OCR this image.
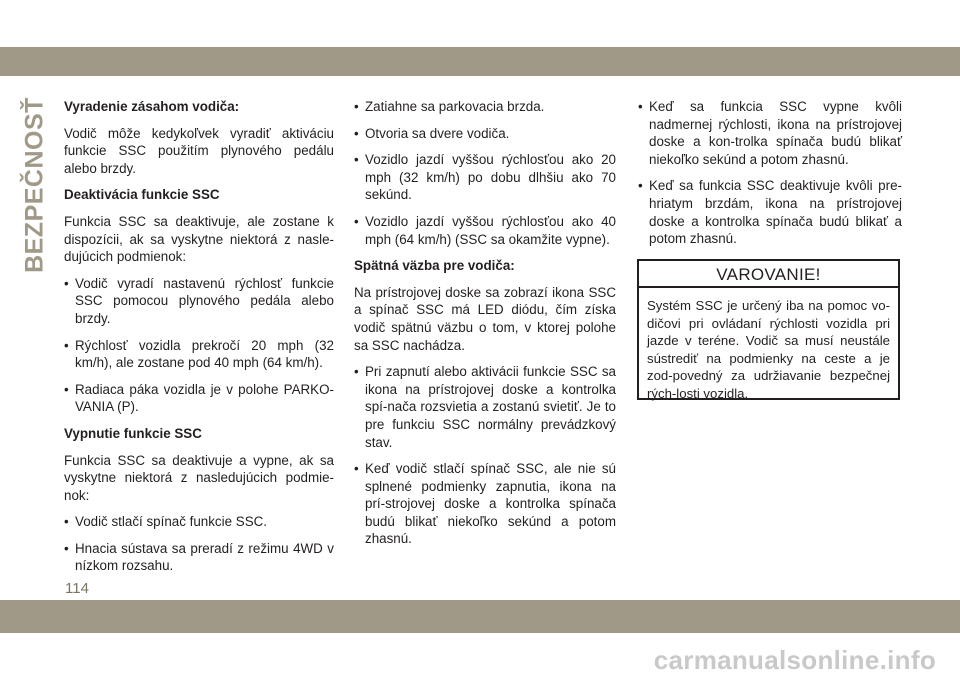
BEZPEČNOSŤ Vyradenie zásahom vodiča:
Vodič môže kedykoľvek vyradiť aktiváciu funkcie SSC použitím plynového pedálu alebo brzdy.
Deaktivácia funkcie SSC
Funkcia SSC sa deaktivuje, ale zostane k dispozícii, ak sa vyskytne niektorá z nasle-dujúcich podmienok:
• Vodič vyradí nastavenú rýchlosť funkcie SSC pomocou plynového pedála alebo brzdy.
• Rýchlosť vozidla prekročí 20 mph (32 km/h), ale zostane pod 40 mph (64 km/h).
• Radiaca páka vozidla je v polohe PARKO-VANIA (P).
Vypnutie funkcie SSC
Funkcia SSC sa deaktivuje a vypne, ak sa vyskytne niektorá z nasledujúcich podmie-nok:
• Vodič stlačí spínač funkcie SSC.
• Hnacia sústava sa preradí z režimu 4WD v nízkom rozsahu.
• Zatiahne sa parkovacia brzda.
• Otvoria sa dvere vodiča.
• Vozidlo jazdí vyššou rýchlosťou ako 20 mph (32 km/h) po dobu dlhšiu ako 70 sekúnd.
• Vozidlo jazdí vyššou rýchlosťou ako 40 mph (64 km/h) (SSC sa okamžite vypne).
Spätná väzba pre vodiča:
Na prístrojovej doske sa zobrazí ikona SSC a spínač SSC má LED diódu, čím získa vodič spätnú väzbu o tom, v ktorej polohe sa SSC nachádza.
• Pri zapnutí alebo aktivácii funkcie SSC sa ikona na prístrojovej doske a kontrolka spí-nača rozsvietia a zostanú svietiť. Je to pre funkciu SSC normálny prevádzkový stav.
• Keď vodič stlačí spínač SSC, ale nie sú splnené podmienky zapnutia, ikona na prí-strojovej doske a kontrolka spínača budú blikať niekoľko sekúnd a potom zhasnú.
• Keď sa funkcia SSC vypne kvôli nadmernej rýchlosti, ikona na prístrojovej doske a kon-trolka spínača budú blikať niekoľko sekúnd a potom zhasnú.
• Keď sa funkcia SSC deaktivuje kvôli pre-hriatym brzdám, ikona na prístrojovej doske a kontrolka spínača budú blikať a potom zhasnú.
VAROVANIE!
Systém SSC je určený iba na pomoc vo-dičovi pri ovládaní rýchlosti vozidla pri jazde v teréne. Vodič sa musí neustále sústrediť na podmienky na ceste a je zod-povedný za udržiavanie bezpečnej rých-losti vozidla.
114
carmanualsonline.info
